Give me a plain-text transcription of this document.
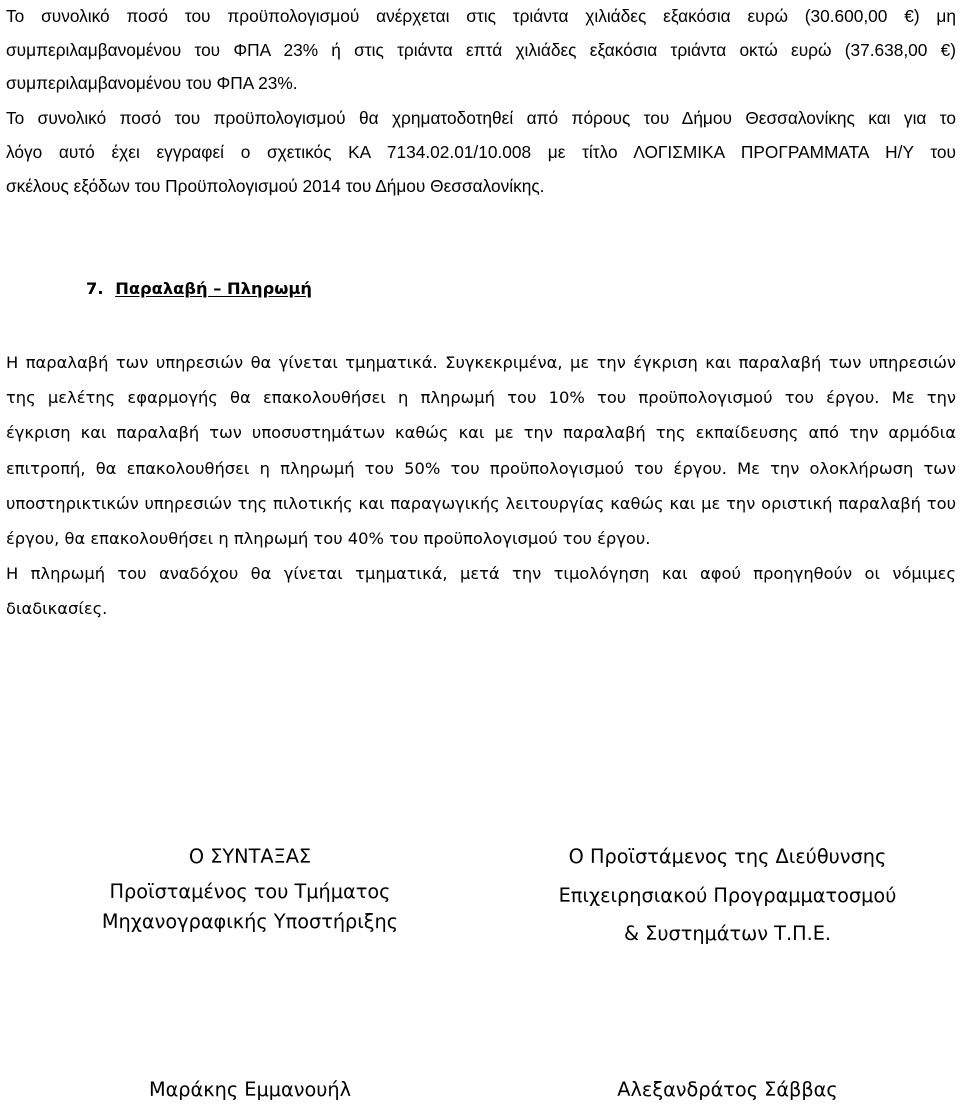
Το συνολικό ποσό του προϋπολογισμού ανέρχεται στις τριάντα χιλιάδες εξακόσια ευρώ (30.600,00 €) μη
συμπεριλαμβανομένου του ΦΠΑ 23% ή στις τριάντα επτά χιλιάδες εξακόσια τριάντα οκτώ ευρώ (37.638,00 €)
συμπεριλαμβανομένου του ΦΠΑ 23%.

Το συνολικό ποσό του προϋπολογισμού θα χρηματοδοτηθεί από πόρους του Δήμου Θεσσαλονίκης και για το
λόγο αυτό έχει εγγραφεί ο σχετικός ΚΑ 7134.02.01/10.008 με τίτλο ΛΟΓΙΣΜΙΚΑ ΠΡΟΓΡΑΜΜΑΤΑ Η/Υ του
σκέλους εξόδων του Προϋπολογισμού 2014 του Δήμου Θεσσαλονίκης.

7. Παραλαβή – Πληρωμή

Η παραλαβή των υπηρεσιών θα γίνεται τμηματικά. Συγκεκριμένα, με την έγκριση και παραλαβή των υπηρεσιών
της μελέτης εφαρμογής θα επακολουθήσει η πληρωμή του 10% του προϋπολογισμού του έργου. Με την
έγκριση και παραλαβή των υποσυστημάτων καθώς και με την παραλαβή της εκπαίδευσης από την αρμόδια
επιτροπή, θα επακολουθήσει η πληρωμή του 50% του προϋπολογισμού του έργου. Με την ολοκλήρωση των
υποστηρικτικών υπηρεσιών της πιλοτικής και παραγωγικής λειτουργίας καθώς και με την οριστική παραλαβή του
έργου, θα επακολουθήσει η πληρωμή του 40% του προϋπολογισμού του έργου.
Η πληρωμή του αναδόχου θα γίνεται τμηματικά, μετά την τιμολόγηση και αφού προηγηθούν οι νόμιμες
διαδικασίες.

Ο ΣΥΝΤΑΞΑΣ
Προϊσταμένος του Τμήματος
Μηχανογραφικής Υποστήριξης
Μαράκης Εμμανουήλ
Ο Προϊστάμενος της Διεύθυνσης
Επιχειρησιακού Προγραμματοσμού
& Συστημάτων Τ.Π.Ε.
Αλεξανδράτος Σάββας
